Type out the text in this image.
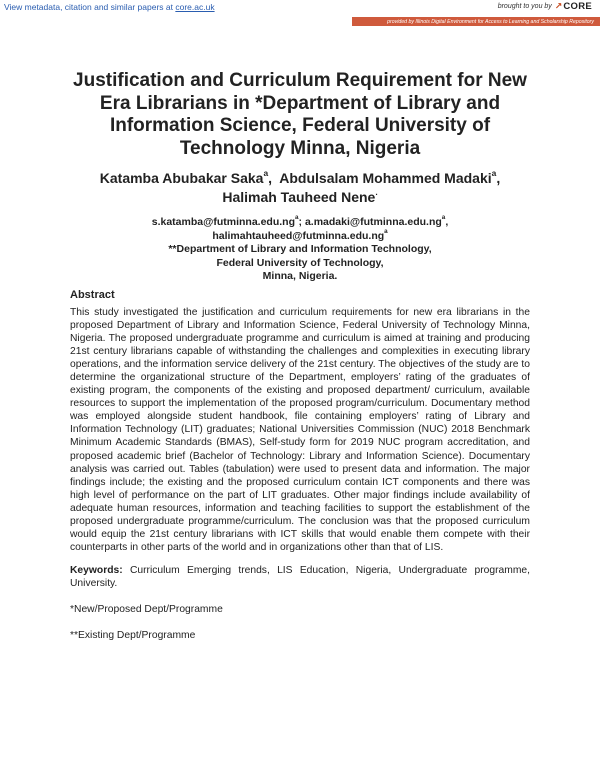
View metadata, citation and similar papers at core.ac.uk	brought to you by ↗ CORE
provided by Illinois Digital Environment for Access to Learning and Scholarship Repository
Justification and Curriculum Requirement for New Era Librarians in *Department of Library and Information Science, Federal University of Technology Minna, Nigeria
Katamba Abubakar Saka$^a$,  Abdulsalam Mohammed Madaki$^a$,
Halimah Tauheed Nene.
$s.katamba@futminna.edu.ng^a$; $a.madaki@futminna.edu.ng^a$,
$halimahtauheed@futminna.edu.ng^a$
**Department of Library and Information Technology,
Federal University of Technology,
Minna, Nigeria.
Abstract

This study investigated the justification and curriculum requirements for new era librarians in the proposed Department of Library and Information Science, Federal University of Technology Minna, Nigeria. The proposed undergraduate programme and curriculum is aimed at training and producing 21st century librarians capable of withstanding the challenges and complexities in executing library operations, and the information service delivery of the 21st century. The objectives of the study are to determine the organizational structure of the Department, employers’ rating of the graduates of existing program, the components of the existing and proposed department/ curriculum, available resources to support the implementation of the proposed program/curriculum. Documentary method was employed alongside student handbook, file containing employers’ rating of Library and Information Technology (LIT) graduates; National Universities Commission (NUC) 2018 Benchmark Minimum Academic Standards (BMAS), Self-study form for 2019 NUC program accreditation, and proposed academic brief (Bachelor of Technology: Library and Information Science). Documentary analysis was carried out. Tables (tabulation) were used to present data and information. The major findings include; the existing and the proposed curriculum contain ICT components and there was high level of performance on the part of LIT graduates. Other major findings include availability of adequate human resources, information and teaching facilities to support the establishment of the proposed undergraduate programme/curriculum. The conclusion was that the proposed curriculum would equip the 21st century librarians with ICT skills that would enable them compete with their counterparts in other parts of the world and in organizations other than that of LIS.

Keywords: Curriculum Emerging trends, LIS Education, Nigeria, Undergraduate programme, University.
*New/Proposed Dept/Programme
**Existing Dept/Programme
